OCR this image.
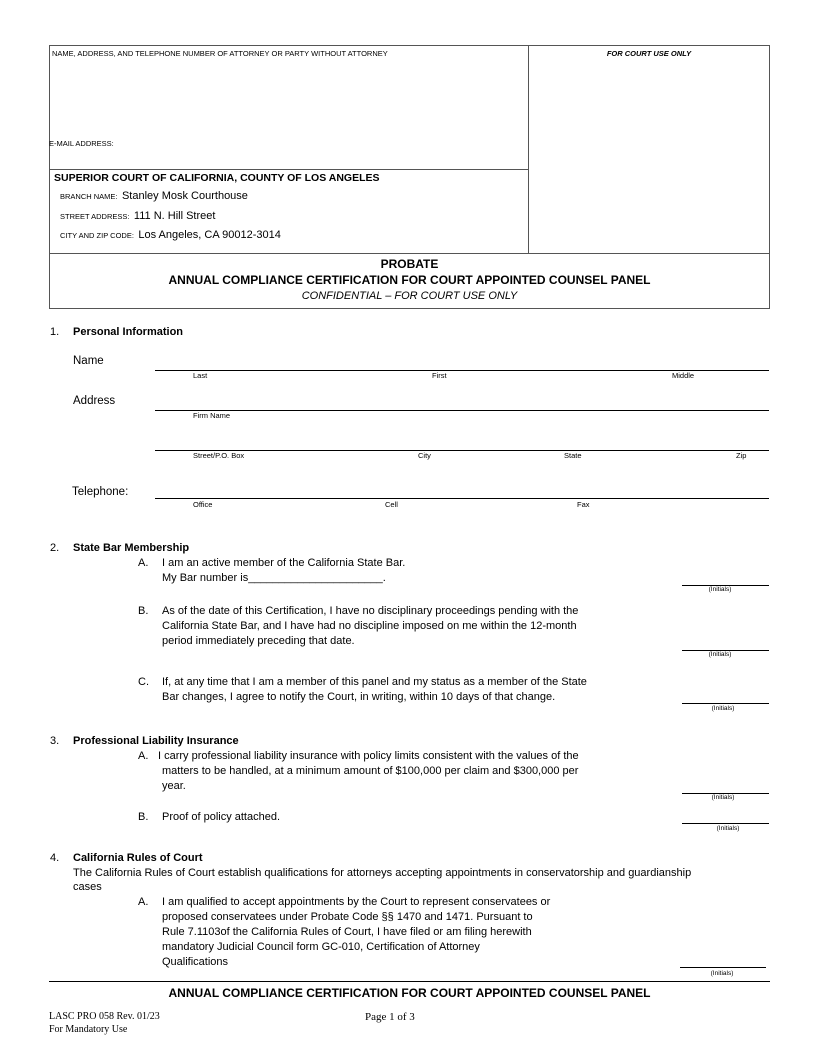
NAME, ADDRESS, AND TELEPHONE NUMBER OF ATTORNEY OR PARTY WITHOUT ATTORNEY	FOR COURT USE ONLY
E-MAIL ADDRESS:
SUPERIOR COURT OF CALIFORNIA, COUNTY OF LOS ANGELES
BRANCH NAME: Stanley Mosk Courthouse
STREET ADDRESS: 111 N. Hill Street
CITY AND ZIP CODE: Los Angeles, CA 90012-3014
PROBATE
ANNUAL COMPLIANCE CERTIFICATION FOR COURT APPOINTED COUNSEL PANEL
CONFIDENTIAL – FOR COURT USE ONLY
1. Personal Information
Name
Last	First	Middle
Address
Firm Name
Street/P.O. Box	City	State	Zip
Telephone:
Office	Cell	Fax
2. State Bar Membership
A. I am an active member of the California State Bar.
My Bar number is______________________.
(Initials)
B. As of the date of this Certification, I have no disciplinary proceedings pending with the
California State Bar, and I have had no discipline imposed on me within the 12-month
period immediately preceding that date.
(Initials)
C. If, at any time that I am a member of this panel and my status as a member of the State
Bar changes, I agree to notify the Court, in writing, within 10 days of that change.
(Initials)
3. Professional Liability Insurance
A. I carry professional liability insurance with policy limits consistent with the values of the
matters to be handled, at a minimum amount of $100,000 per claim and $300,000 per
year.
(Initials)
B. Proof of policy attached.
(Initials)
4. California Rules of Court
The California Rules of Court establish qualifications for attorneys accepting appointments in conservatorship and guardianship
cases
A. I am qualified to accept appointments by the Court to represent conservatees or
proposed conservatees under Probate Code §§ 1470 and 1471. Pursuant to
Rule 7.1103of the California Rules of Court, I have filed or am filing herewith
mandatory Judicial Council form GC-010, Certification of Attorney
Qualifications
(Initials)
ANNUAL COMPLIANCE CERTIFICATION FOR COURT APPOINTED COUNSEL PANEL
LASC PRO 058 Rev. 01/23
For Mandatory Use
Page 1 of 3
